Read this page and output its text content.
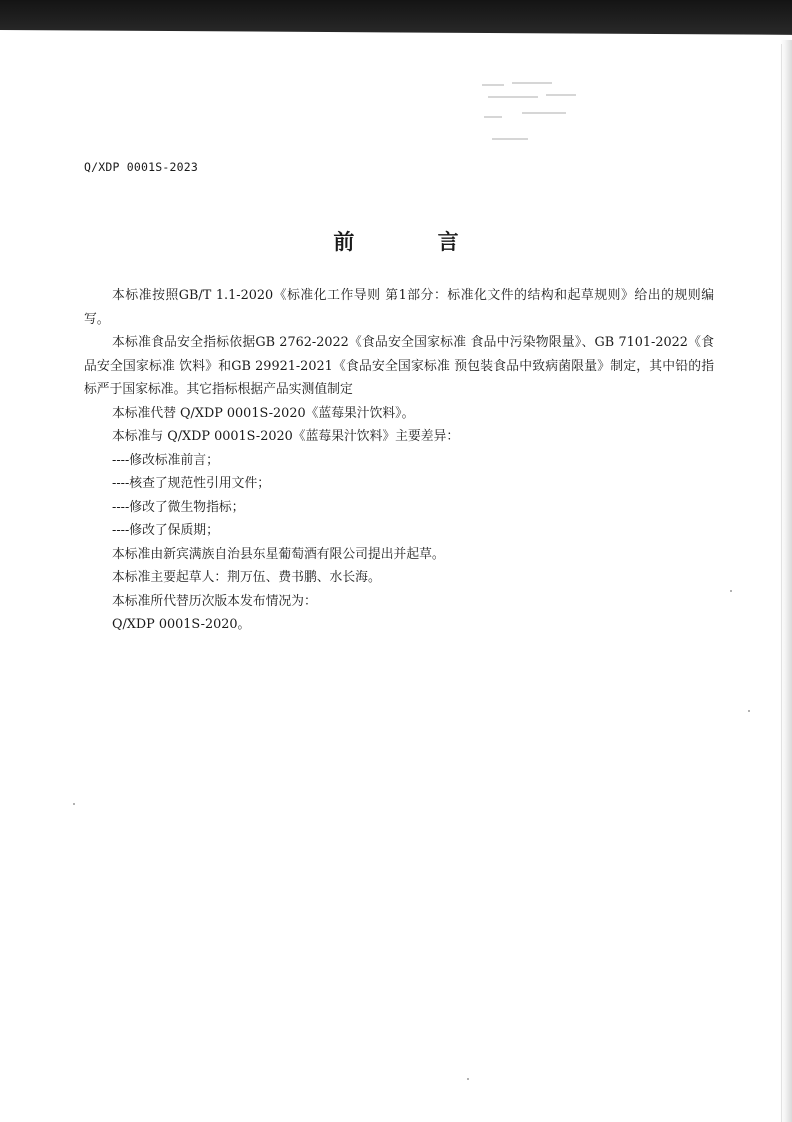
Q/XDP 0001S-2023
前 言

本标准按照GB/T 1.1-2020《标准化工作导则 第1部分：标准化文件的结构和起草规则》给出的规则编写。

本标准食品安全指标依据GB 2762-2022《食品安全国家标准 食品中污染物限量》、GB 7101-2022《食品安全国家标准 饮料》和GB 29921-2021《食品安全国家标准 预包装食品中致病菌限量》制定，其中铅的指标严于国家标准。其它指标根据产品实测值制定

本标准代替 Q/XDP 0001S-2020《蓝莓果汁饮料》。

本标准与 Q/XDP 0001S-2020《蓝莓果汁饮料》主要差异：

----修改标准前言；

----核查了规范性引用文件；

----修改了微生物指标；

----修改了保质期；

本标准由新宾满族自治县东星葡萄酒有限公司提出并起草。

本标准主要起草人：荆万伍、费书鹏、水长海。

本标准所代替历次版本发布情况为：

Q/XDP 0001S-2020。
